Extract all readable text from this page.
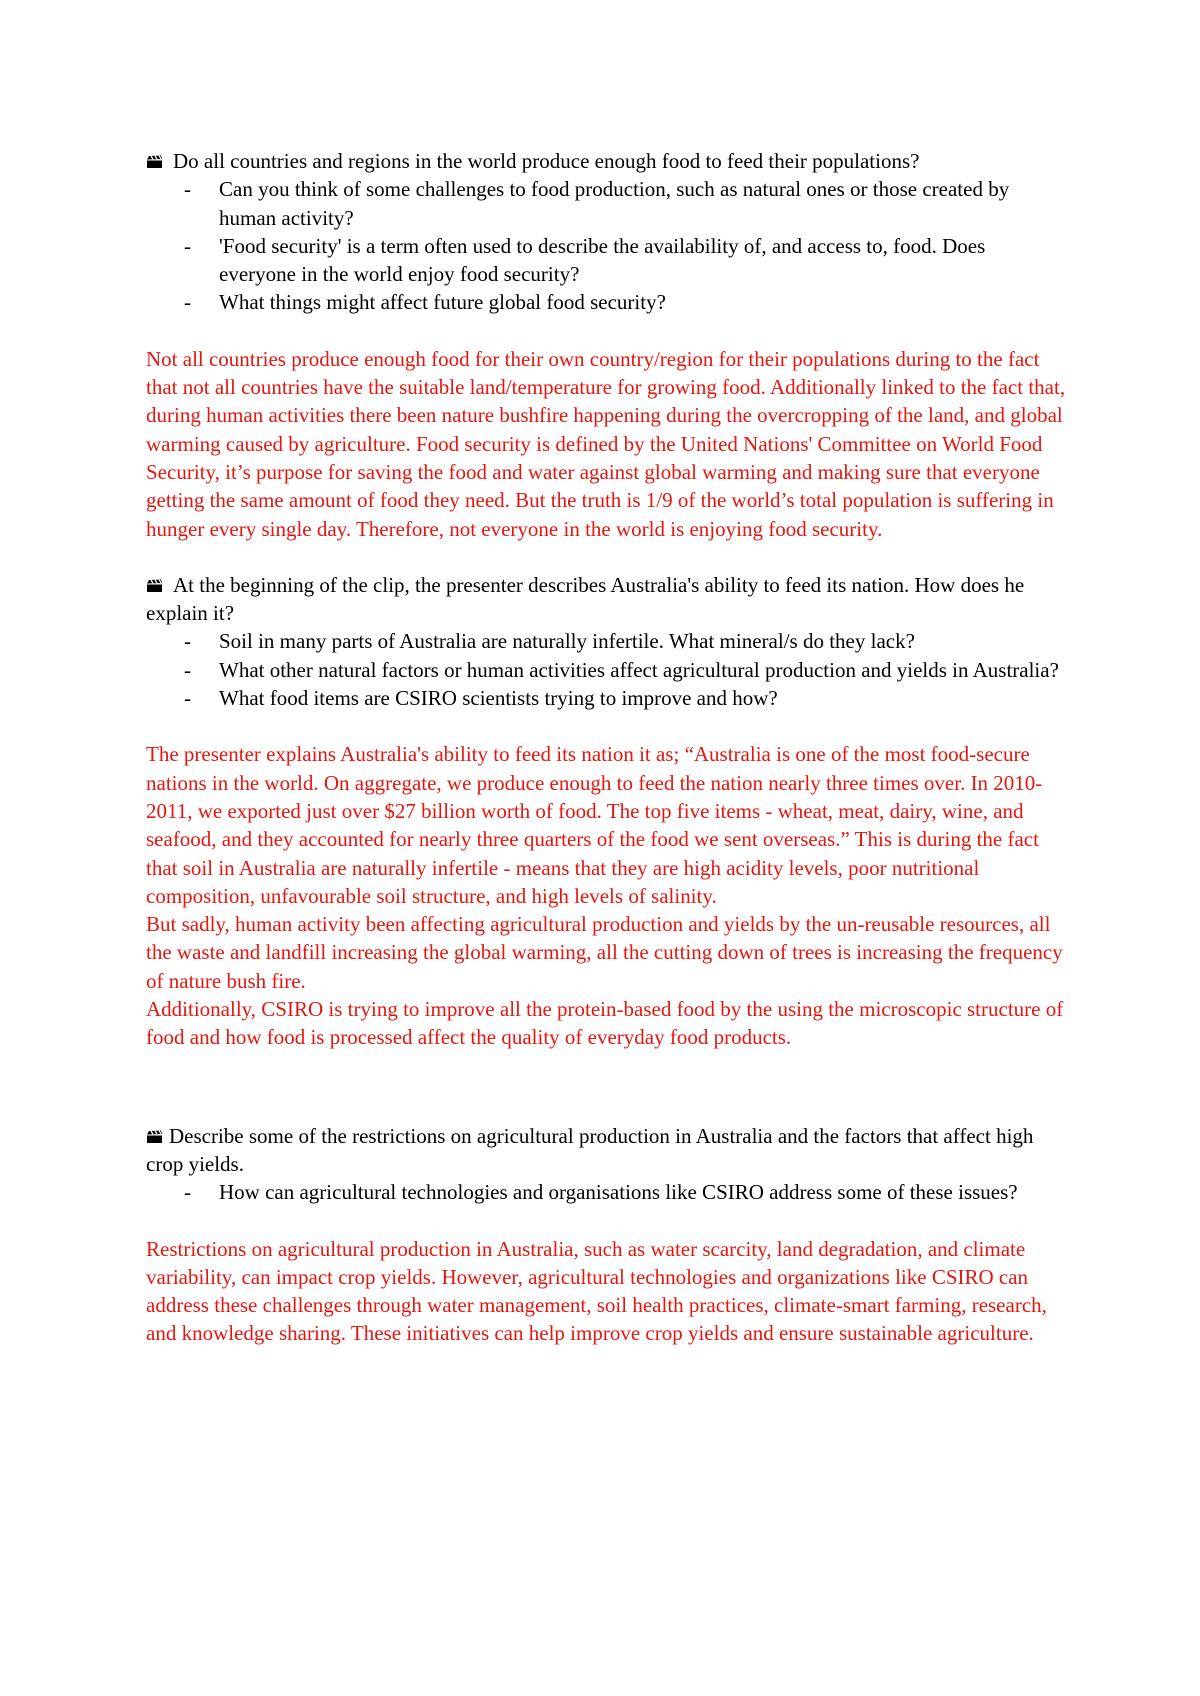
Do all countries and regions in the world produce enough food to feed their populations?

- Can you think of some challenges to food production, such as natural ones or those created by human activity?
- 'Food security' is a term often used to describe the availability of, and access to, food. Does everyone in the world enjoy food security?
- What things might affect future global food security?

Not all countries produce enough food for their own country/region for their populations during to the fact that not all countries have the suitable land/temperature for growing food. Additionally linked to the fact that, during human activities there been nature bushfire happening during the overcropping of the land, and global warming caused by agriculture. Food security is defined by the United Nations' Committee on World Food Security, it’s purpose for saving the food and water against global warming and making sure that everyone getting the same amount of food they need. But the truth is 1/9 of the world’s total population is suffering in hunger every single day. Therefore, not everyone in the world is enjoying food security.

At the beginning of the clip, the presenter describes Australia's ability to feed its nation. How does he explain it?

- Soil in many parts of Australia are naturally infertile. What mineral/s do they lack?
- What other natural factors or human activities affect agricultural production and yields in Australia?
- What food items are CSIRO scientists trying to improve and how?

The presenter explains Australia's ability to feed its nation it as; “Australia is one of the most food-secure nations in the world. On aggregate, we produce enough to feed the nation nearly three times over. In 2010-2011, we exported just over $27 billion worth of food. The top five items - wheat, meat, dairy, wine, and seafood, and they accounted for nearly three quarters of the food we sent overseas.” This is during the fact that soil in Australia are naturally infertile - means that they are high acidity levels, poor nutritional composition, unfavourable soil structure, and high levels of salinity.

But sadly, human activity been affecting agricultural production and yields by the un-reusable resources, all the waste and landfill increasing the global warming, all the cutting down of trees is increasing the frequency of nature bush fire.

Additionally, CSIRO is trying to improve all the protein-based food by the using the microscopic structure of food and how food is processed affect the quality of everyday food products.

Describe some of the restrictions on agricultural production in Australia and the factors that affect high crop yields.

- How can agricultural technologies and organisations like CSIRO address some of these issues?

Restrictions on agricultural production in Australia, such as water scarcity, land degradation, and climate variability, can impact crop yields. However, agricultural technologies and organizations like CSIRO can address these challenges through water management, soil health practices, climate-smart farming, research, and knowledge sharing. These initiatives can help improve crop yields and ensure sustainable agriculture.
